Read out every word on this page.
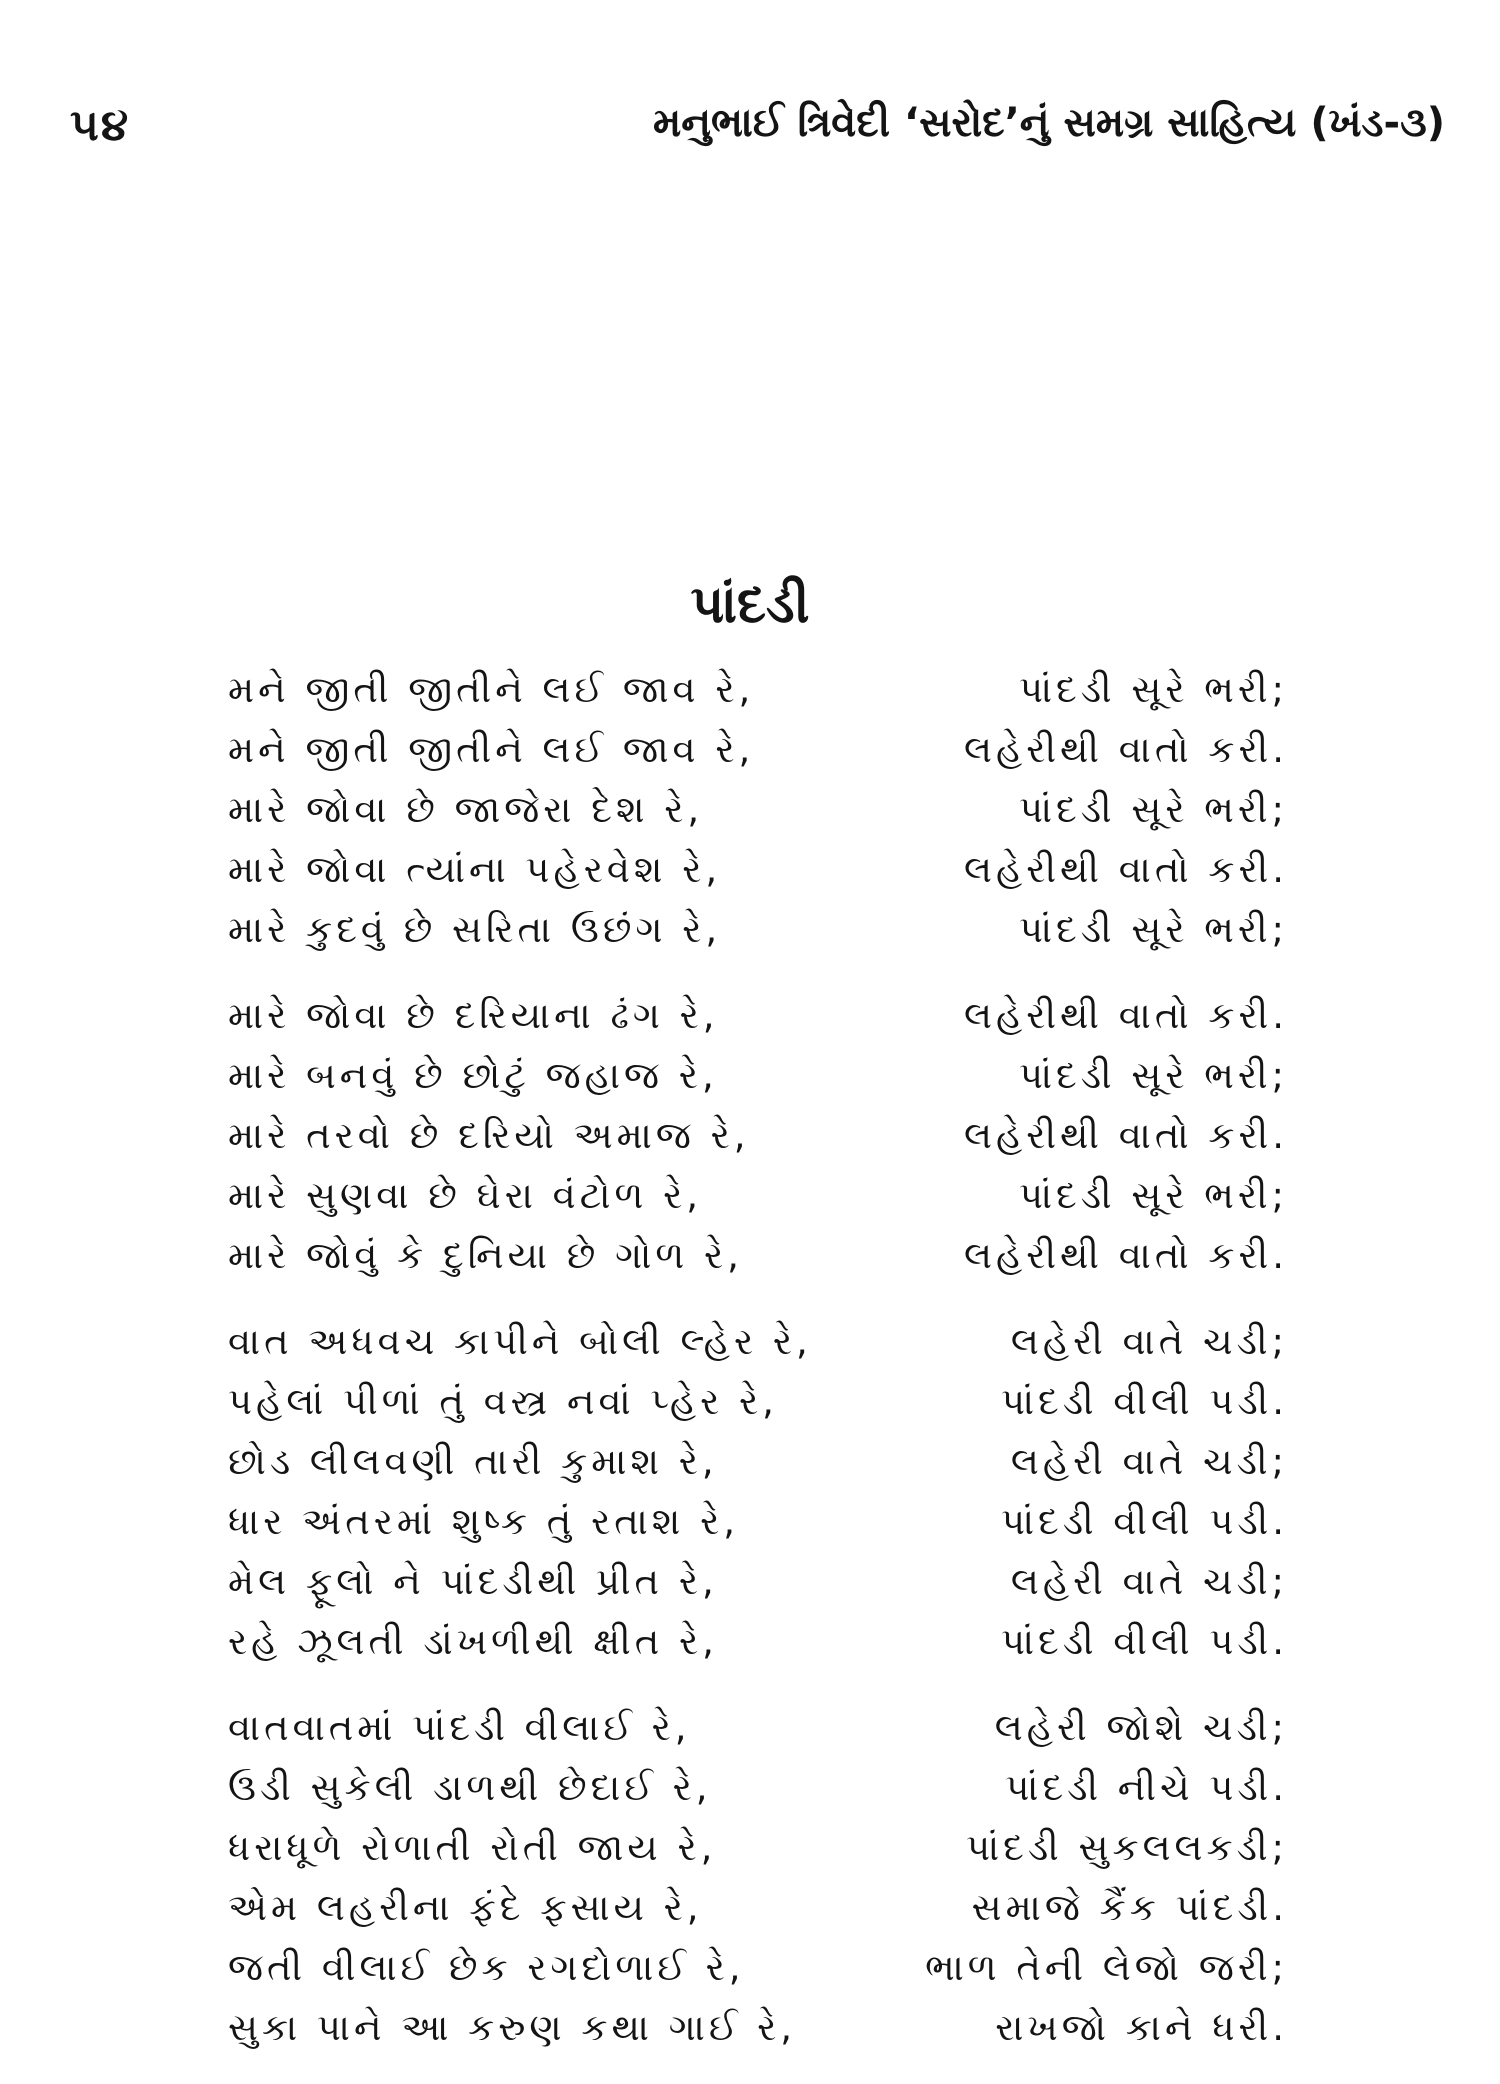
૫૪	મનુભાઈ ત્રિવેદી ‘સરોદ’નું સમગ્ર સાહિત્ય (ખંડ-૩)
પાંદડી
મને જીતી જીતીને લઈ જાવ રે,	પાંદડી સૂરે ભરી;
મને જીતી જીતીને લઈ જાવ રે,	લહેરીથી વાતો કરી.
મારે જોવા છે જાજેરા દેશ રે,	પાંદડી સૂરે ભરી;
મારે જોવા ત્યાંના પહેરવેશ રે,	લહેરીથી વાતો કરી.
મારે કુદવું છે સરિતા ઉછંગ રે,	પાંદડી સૂરે ભરી;
મારે જોવા છે દરિયાના ઢંગ રે,	લહેરીથી વાતો કરી.
મારે બનવું છે છોટું જહાજ રે,	પાંદડી સૂરે ભરી;
મારે તરવો છે દરિયો અમાજ રે,	લહેરીથી વાતો કરી.
મારે સુણવા છે ઘેરા વંટોળ રે,	પાંદડી સૂરે ભરી;
મારે જોવું કે દુનિયા છે ગોળ રે,	લહેરીથી વાતો કરી.
વાત અધવચ કાપીને બોલી લ્હેર રે,	લહેરી વાતે ચડી;
પહેલાં પીળાં તું વસ્ત્ર નવાં પ્હેર રે,	પાંદડી વીલી પડી.
છોડ લીલવણી તારી કુમાશ રે,	લહેરી વાતે ચડી;
ધાર અંતરમાં શુષ્ક તું રતાશ રે,	પાંદડી વીલી પડી.
મેલ ફૂલો ને પાંદડીથી પ્રીત રે,	લહેરી વાતે ચડી;
રહે ઝૂલતી ડાંખળીથી ક્ષીત રે,	પાંદડી વીલી પડી.
વાતવાતમાં પાંદડી વીલાઈ રે,	લહેરી જોશે ચડી;
ઉડી સુકેલી ડાળથી છેદાઈ રે,	પાંદડી નીચે પડી.
ધરાધૂળે રોળાતી રોતી જાય રે,	પાંદડી સુકલલકડી;
એમ લહરીના ફંદે ફસાય રે,	સમાજે કૈંક પાંદડી.
જતી વીલાઈ છેક રગદોળાઈ રે,	ભાળ તેની લેજો જરી;
સુકા પાને આ કરુણ કથા ગાઈ રે,	રાખજો કાને ધરી.
